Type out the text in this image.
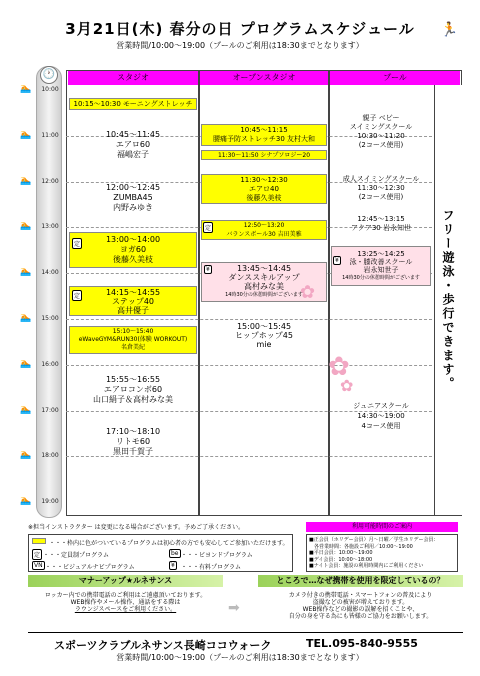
3月21日(木) 春分の日 プログラムスケジュール
営業時間/10:00～19:00（プールのご利用は18:30までとなります）
🏃
🕐
10:00
🏊
11:00
🏊
12:00
🏊
13:00
🏊
14:00
🏊
15:00
🏊
16:00
🏊
17:00
🏊
18:00
🏊
19:00
🏊
スタジオ	オープンスタジオ	プール
10:15～10:30 モーニングストレッチ
10:45～11:45
エアロ60
福嶋宏子
12:00～12:45
ZUMBA45
内野みゆき
13:00～14:00
ヨガ60
後藤久美枝
定
14:15～14:55
ステップ40
高井優子
定
15:10～15:40
eWaveGYM&RUN30(体験 WORKOUT)
名倉美紀
15:55～16:55
エアロコンボ60
山口絹子＆高村みな美
17:10～18:10
リトモ60
黒田千賀子
10:45～11:15
腰痛予防ストレッチ30 友村大和
11:30～11:50 シナプソロジー20
11:30～12:30
エアロ40
後藤久美枝
12:50～13:20
バランスボール30 吉田美雅
定
13:45～14:45
ダンススキルアップ
高村みな美
14時30分の休憩時間がございます
¥
15:00～15:45
ヒップホップ45
mie
✿
✿
✿
親子 ベビー
スイミングスクール
10:30～11:20
(2コース使用)
成人スイミングスクール
11:30～12:30
(2コース使用)
12:45～13:15
アクア30 岩永知世
13:25～14:25
泳・膝改善スクール
岩永知世子
14時30分の休憩時間がございます
¥
ジュニアスクール
14:30～19:00
4コース使用
フリー遊泳・歩行できます。
※担当インストラクター は変更になる場合がございます。予めご了承ください。
・・・枠内に色がついているプログラムは初心者の方でも安心してご参加いただけます。
定 ・・・定員制プログラム	be ・・・ビヨンドプログラム
VN ・・・ビジュアルナビプログラム	¥	・・・有料プログラム
利用可能時間のご案内
■正会員（ホリデー会員）月～日曜／学生ホリデー会員：
　各営業時間：各施設ご利用／10:00～19:00
■平日会員：10:00～19:00
■デイ会員：10:00～18:00
■ナイト会員：施設の利用時間内にご利用ください
マナーアップ★ルネサンス	ところで…なぜ携帯を使用を限定しているの？
ロッカー内での携帯電話のご利用はご遠慮頂いております。
WEB操作やメール操作、通話をする際は
ラウンジスペースをご利用ください。	➡
カメラ付きの携帯電話・スマートフォンの普及により
盗撮などの被害が増えております。
WEB操作などの撮影の誤解を招くことや、
自分の身を守る為にも皆様のご協力をお願いします。
スポーツクラブルネサンス長崎ココウォーク	TEL.095-840-9555
営業時間/10:00～19:00（プールのご利用は18:30までとなります）
